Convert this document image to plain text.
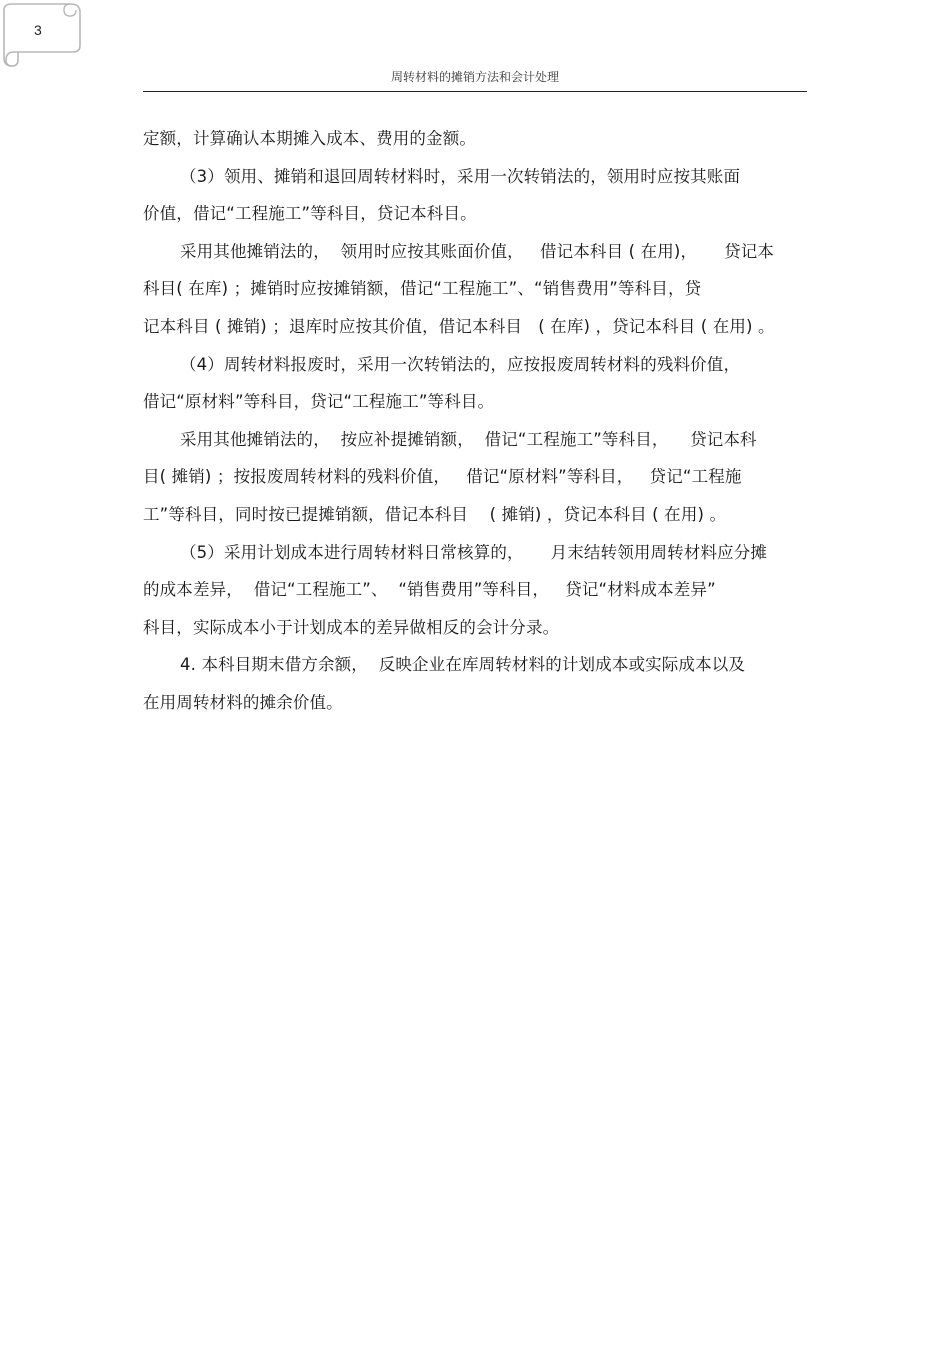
3
周转材料的摊销方法和会计处理
定额，计算确认本期摊入成本、费用的金额。
（3）领用、摊销和退回周转材料时，采用一次转销法的，领用时应按其账面
价值，借记“工程施工”等科目，贷记本科目。
采用其他摊销法的，  领用时应按其账面价值，   借记本科目 ( 在用)，     贷记本
科目( 在库) ；摊销时应按摊销额，借记“工程施工”、“销售费用”等科目，贷
记本科目 ( 摊销) ；退库时应按其价值，借记本科目   ( 在库) ，贷记本科目 ( 在用) 。
（4）周转材料报废时，采用一次转销法的，应按报废周转材料的残料价值，
借记“原材料”等科目，贷记“工程施工”等科目。
采用其他摊销法的，  按应补提摊销额，  借记“工程施工”等科目，    贷记本科
目( 摊销) ；按报废周转材料的残料价值，   借记“原材料”等科目，   贷记“工程施
工”等科目，同时按已提摊销额，借记本科目    ( 摊销) ，贷记本科目 ( 在用) 。
（5）采用计划成本进行周转材料日常核算的，     月末结转领用周转材料应分摊
的成本差异，  借记“工程施工”、  “销售费用”等科目，   贷记“材料成本差异”
科目，实际成本小于计划成本的差异做相反的会计分录。
4. 本科目期末借方余额，  反映企业在库周转材料的计划成本或实际成本以及
在用周转材料的摊余价值。
